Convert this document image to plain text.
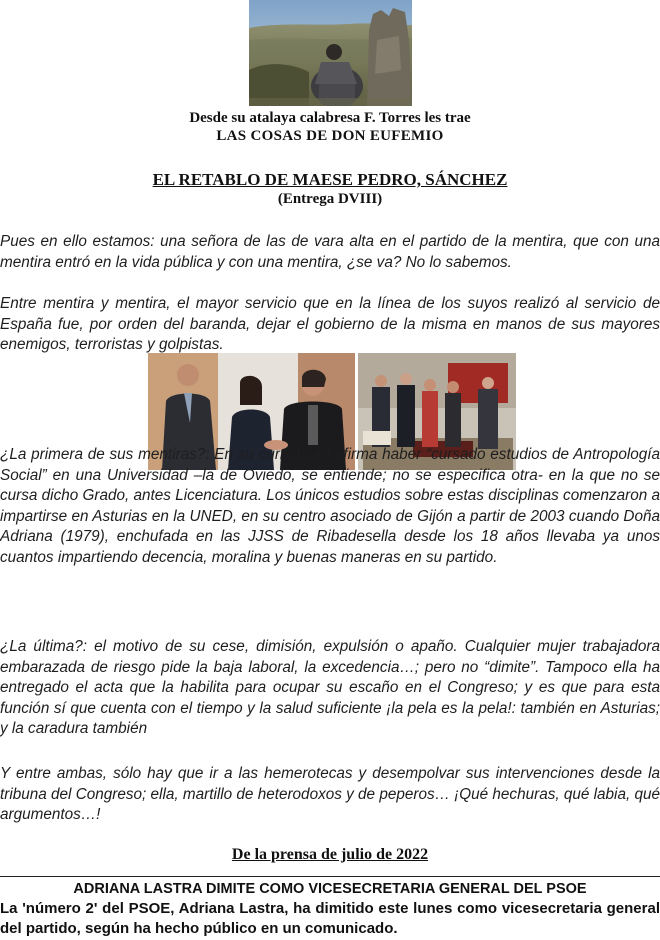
Desde su atalaya calabresa F. Torres les trae
LAS COSAS DE DON EUFEMIO
EL RETABLO DE MAESE PEDRO, SÁNCHEZ
(Entrega DVIII)
Pues en ello estamos: una señora de las de vara alta en el partido de la mentira, que con una mentira entró en la vida pública y con una mentira, ¿se va? No lo sabemos.
Entre mentira y mentira, el mayor servicio que en la línea de los suyos realizó al servicio de España fue, por orden del baranda, dejar el gobierno de la misma en manos de sus mayores enemigos, terroristas y golpistas.
¿La primera de sus mentiras?: En su currículum afirma haber “cursado estudios de Antropología Social” en una Universidad –la de Oviedo, se entiende; no se especifica otra- en la que no se cursa dicho Grado, antes Licenciatura. Los únicos estudios sobre estas disciplinas comenzaron a impartirse en Asturias en la UNED, en su centro asociado de Gijón a partir de 2003 cuando Doña Adriana (1979), enchufada en las JJSS de Ribadesella desde los 18 años llevaba ya unos cuantos impartiendo decencia, moralina y buenas maneras en su partido.
¿La última?: el motivo de su cese, dimisión, expulsión o apaño. Cualquier mujer trabajadora embarazada de riesgo pide la baja laboral, la excedencia…; pero no “dimite”. Tampoco ella ha entregado el acta que la habilita para ocupar su escaño en el Congreso; y es que para esta función sí que cuenta con el tiempo y la salud suficiente ¡la pela es la pela!: también en Asturias; y la caradura también
Y entre ambas, sólo hay que ir a las hemerotecas y desempolvar sus intervenciones desde la tribuna del Congreso; ella, martillo de heterodoxos y de peperos… ¡Qué hechuras, qué labia, qué argumentos…!
De la prensa de julio de 2022
ADRIANA LASTRA DIMITE COMO VICESECRETARIA GENERAL DEL PSOE
La 'número 2' del PSOE, Adriana Lastra, ha dimitido este lunes como vicesecretaria general del partido, según ha hecho público en un comunicado.
